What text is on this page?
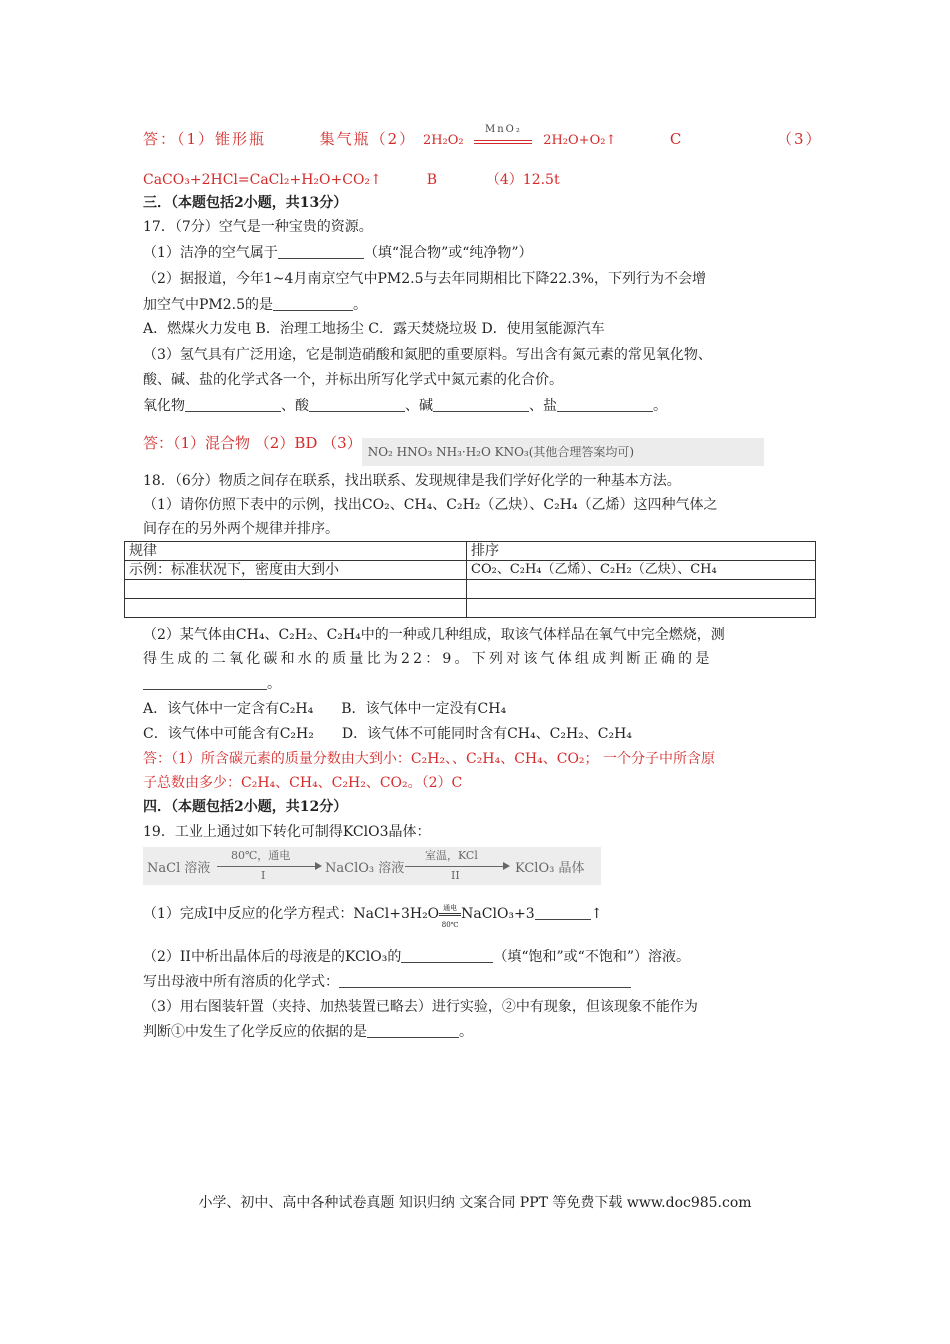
答：（1）锥形瓶	集气瓶（2） 2H₂O₂
MnO₂
2H₂O+O₂↑	C	（3）
CaCO₃+2HCl=CaCl₂+H₂O+CO₂↑	B	（4）12.5t
三．（本题包括2小题，共13分）
17．（7分）空气是一种宝贵的资源。
（1）洁净的空气属于	（填“混合物”或“纯净物”）
（2）据报道，今年1~4月南京空气中PM2.5与去年同期相比下降22.3%，下列行为不会增
加空气中PM2.5的是	。
A．燃煤火力发电 B．治理工地扬尘 C．露天焚烧垃圾 D．使用氢能源汽车
（3）氢气具有广泛用途，它是制造硝酸和氮肥的重要原料。写出含有氮元素的常见氧化物、
酸、碱、盐的化学式各一个，并标出所写化学式中氮元素的化合价。
氧化物	、酸	、碱	、盐	。
答：（1）混合物 （2）BD （3） NO₂ HNO₃ NH₃·H₂O KNO₃(其他合理答案均可)
18．（6分）物质之间存在联系，找出联系、发现规律是我们学好化学的一种基本方法。
（1）请你仿照下表中的示例，找出CO₂、CH₄、C₂H₂（乙炔）、C₂H₄（乙烯）这四种气体之
间存在的另外两个规律并排序。
规律	排序
示例：标准状况下，密度由大到小	CO₂、C₂H₄（乙烯）、C₂H₂（乙炔）、CH₄

（2）某气体由CH₄、C₂H₂、C₂H₄中的一种或几种组成，取该气体样品在氧气中完全燃烧，测
得生成的二氧化碳和水的质量比为22：9。下列对该气体组成判断正确的是
。
A．该气体中一定含有C₂H₄ B．该气体中一定没有CH₄
C．该气体中可能含有C₂H₂ D．该气体不可能同时含有CH₄、C₂H₂、C₂H₄
答：（1）所含碳元素的质量分数由大到小：C₂H₂、、C₂H₄、CH₄、CO₂； 一个分子中所含原
子总数由多少：C₂H₄、CH₄、C₂H₂、CO₂。（2）C
四．（本题包括2小题，共12分）
19．工业上通过如下转化可制得KClO3晶体：
NaCl 溶液
80℃，通电
I	NaClO₃ 溶液
室温，KCl
II	KClO₃ 晶体
（1）完成I中反应的化学方程式：NaCl+3H₂O 通电
80℃
NaClO₃+3	↑
（2）II中析出晶体后的母液是的KClO₃的	（填“饱和”或“不饱和”）溶液。
写出母液中所有溶质的化学式：
（3）用右图装轩置（夹持、加热装置已略去）进行实验，②中有现象，但该现象不能作为
判断①中发生了化学反应的依据的是	。
小学、初中、高中各种试卷真题 知识归纳 文案合同 PPT 等免费下载 www.doc985.com
